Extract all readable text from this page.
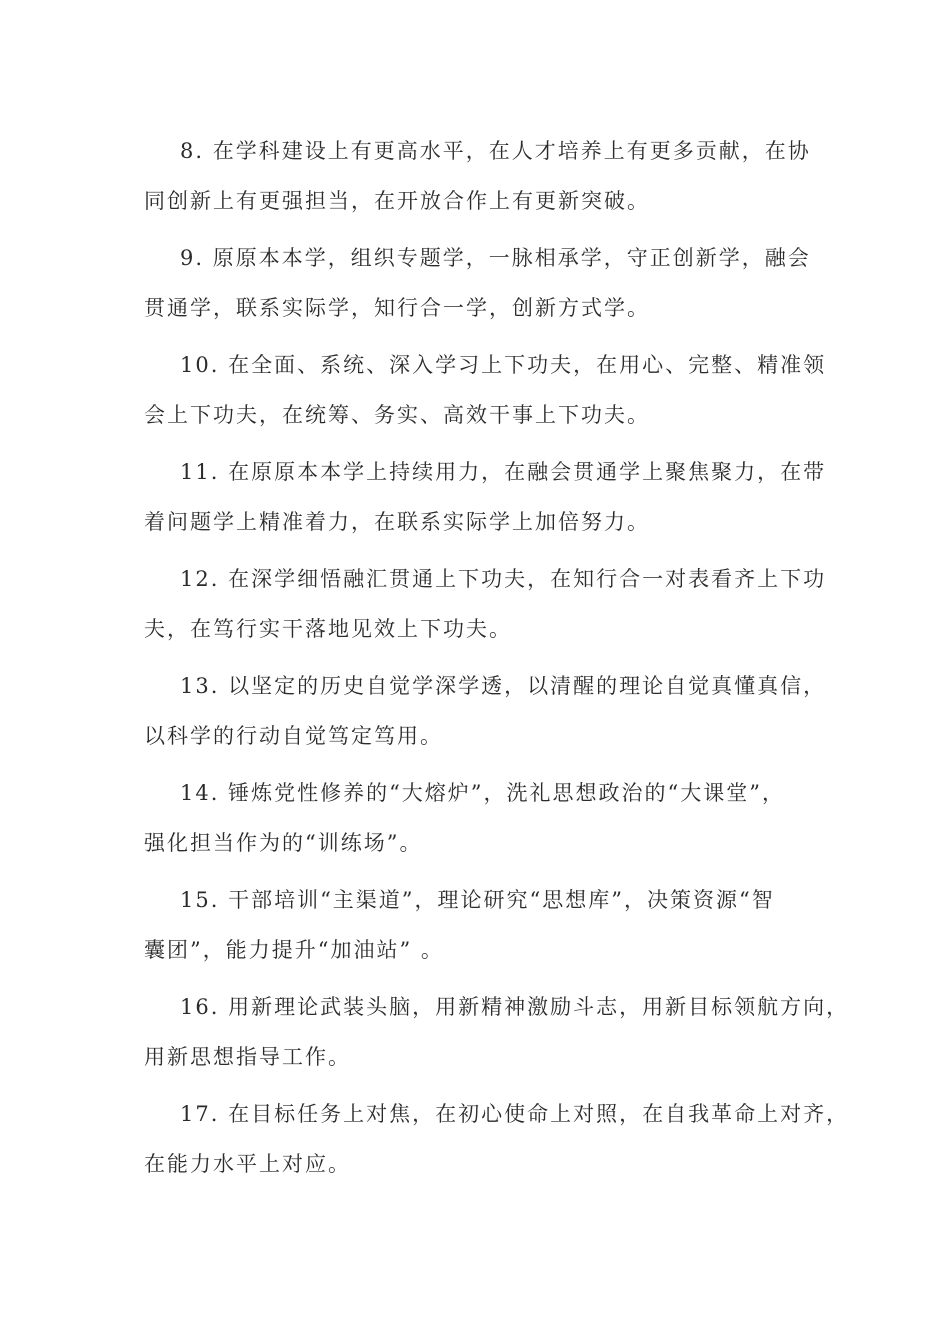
8. 在学科建设上有更高水平，在人才培养上有更多贡献，在协
同创新上有更强担当，在开放合作上有更新突破。
9. 原原本本学，组织专题学，一脉相承学，守正创新学，融会
贯通学，联系实际学，知行合一学，创新方式学。
10. 在全面、系统、深入学习上下功夫，在用心、完整、精准领
会上下功夫，在统筹、务实、高效干事上下功夫。
11. 在原原本本学上持续用力，在融会贯通学上聚焦聚力，在带
着问题学上精准着力，在联系实际学上加倍努力。
12. 在深学细悟融汇贯通上下功夫，在知行合一对表看齐上下功
夫，在笃行实干落地见效上下功夫。
13. 以坚定的历史自觉学深学透，以清醒的理论自觉真懂真信，
以科学的行动自觉笃定笃用。
14. 锤炼党性修养的“大熔炉”，洗礼思想政治的“大课堂”，
强化担当作为的“训练场”。
15. 干部培训“主渠道”，理论研究“思想库”，决策资源“智
囊团”，能力提升“加油站” 。
16. 用新理论武装头脑，用新精神激励斗志，用新目标领航方向，
用新思想指导工作。
17. 在目标任务上对焦，在初心使命上对照，在自我革命上对齐，
在能力水平上对应。
